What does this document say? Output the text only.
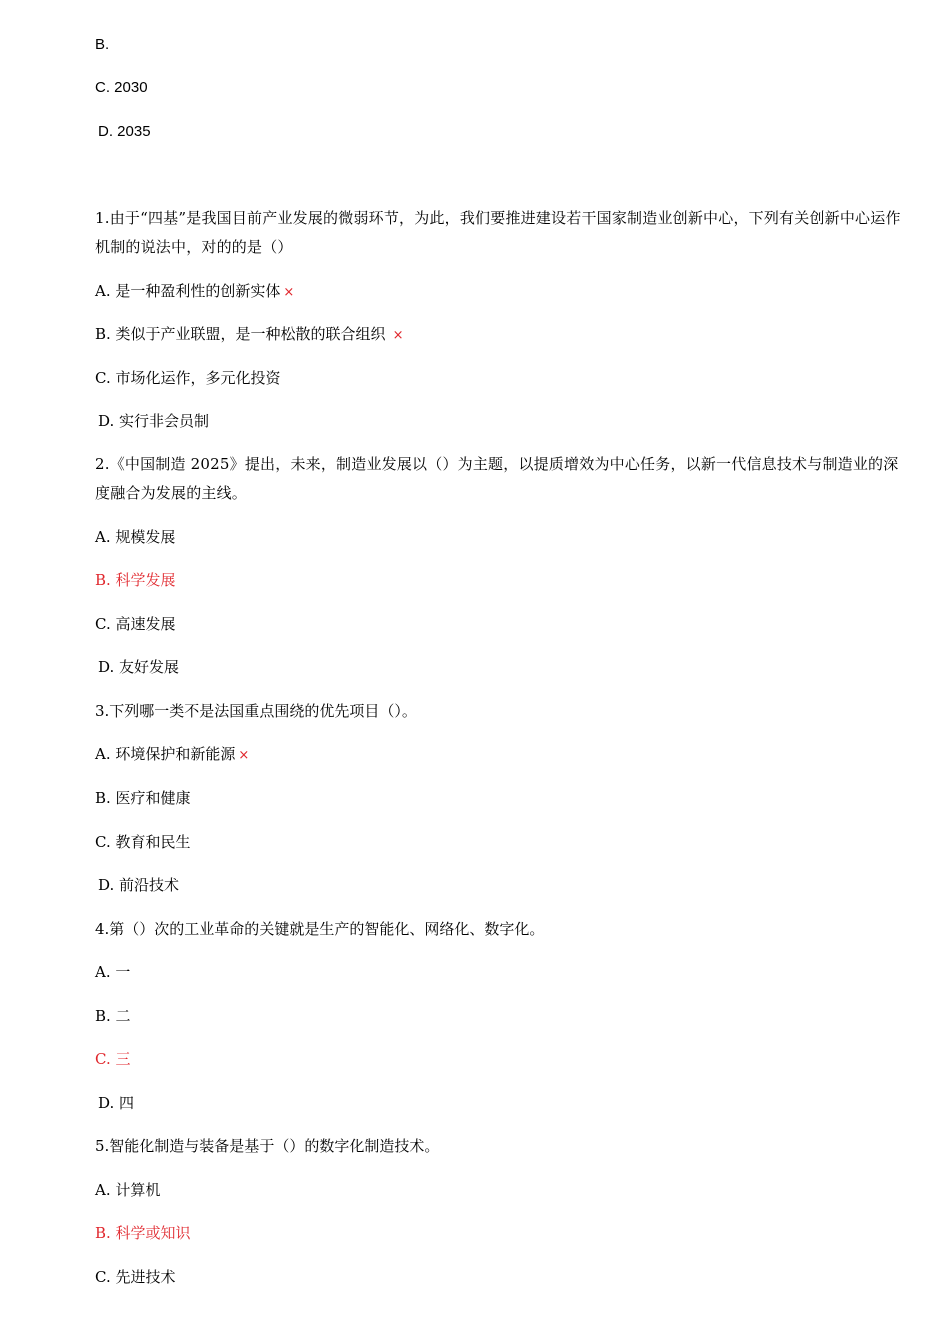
B.
C. 2030
D. 2035
1.由于“四基”是我国目前产业发展的微弱环节，为此，我们要推进建设若干国家制造业创新中心，下列有关创新中心运作机制的说法中，对的的是（）
A. 是一种盈利性的创新实体 ×
B. 类似于产业联盟，是一种松散的联合组织 ×
C. 市场化运作，多元化投资
D. 实行非会员制
2.《中国制造 2025》提出，未来，制造业发展以（）为主题，以提质增效为中心任务，以新一代信息技术与制造业的深度融合为发展的主线。
A. 规模发展
B. 科学发展
C. 高速发展
D. 友好发展
3.下列哪一类不是法国重点围绕的优先项目（）。
A. 环境保护和新能源 ×
B. 医疗和健康
C. 教育和民生
D. 前沿技术
4.第（）次的工业革命的关键就是生产的智能化、网络化、数字化。
A. 一
B. 二
C. 三
D. 四
5.智能化制造与装备是基于（）的数字化制造技术。
A. 计算机
B. 科学或知识
C. 先进技术
